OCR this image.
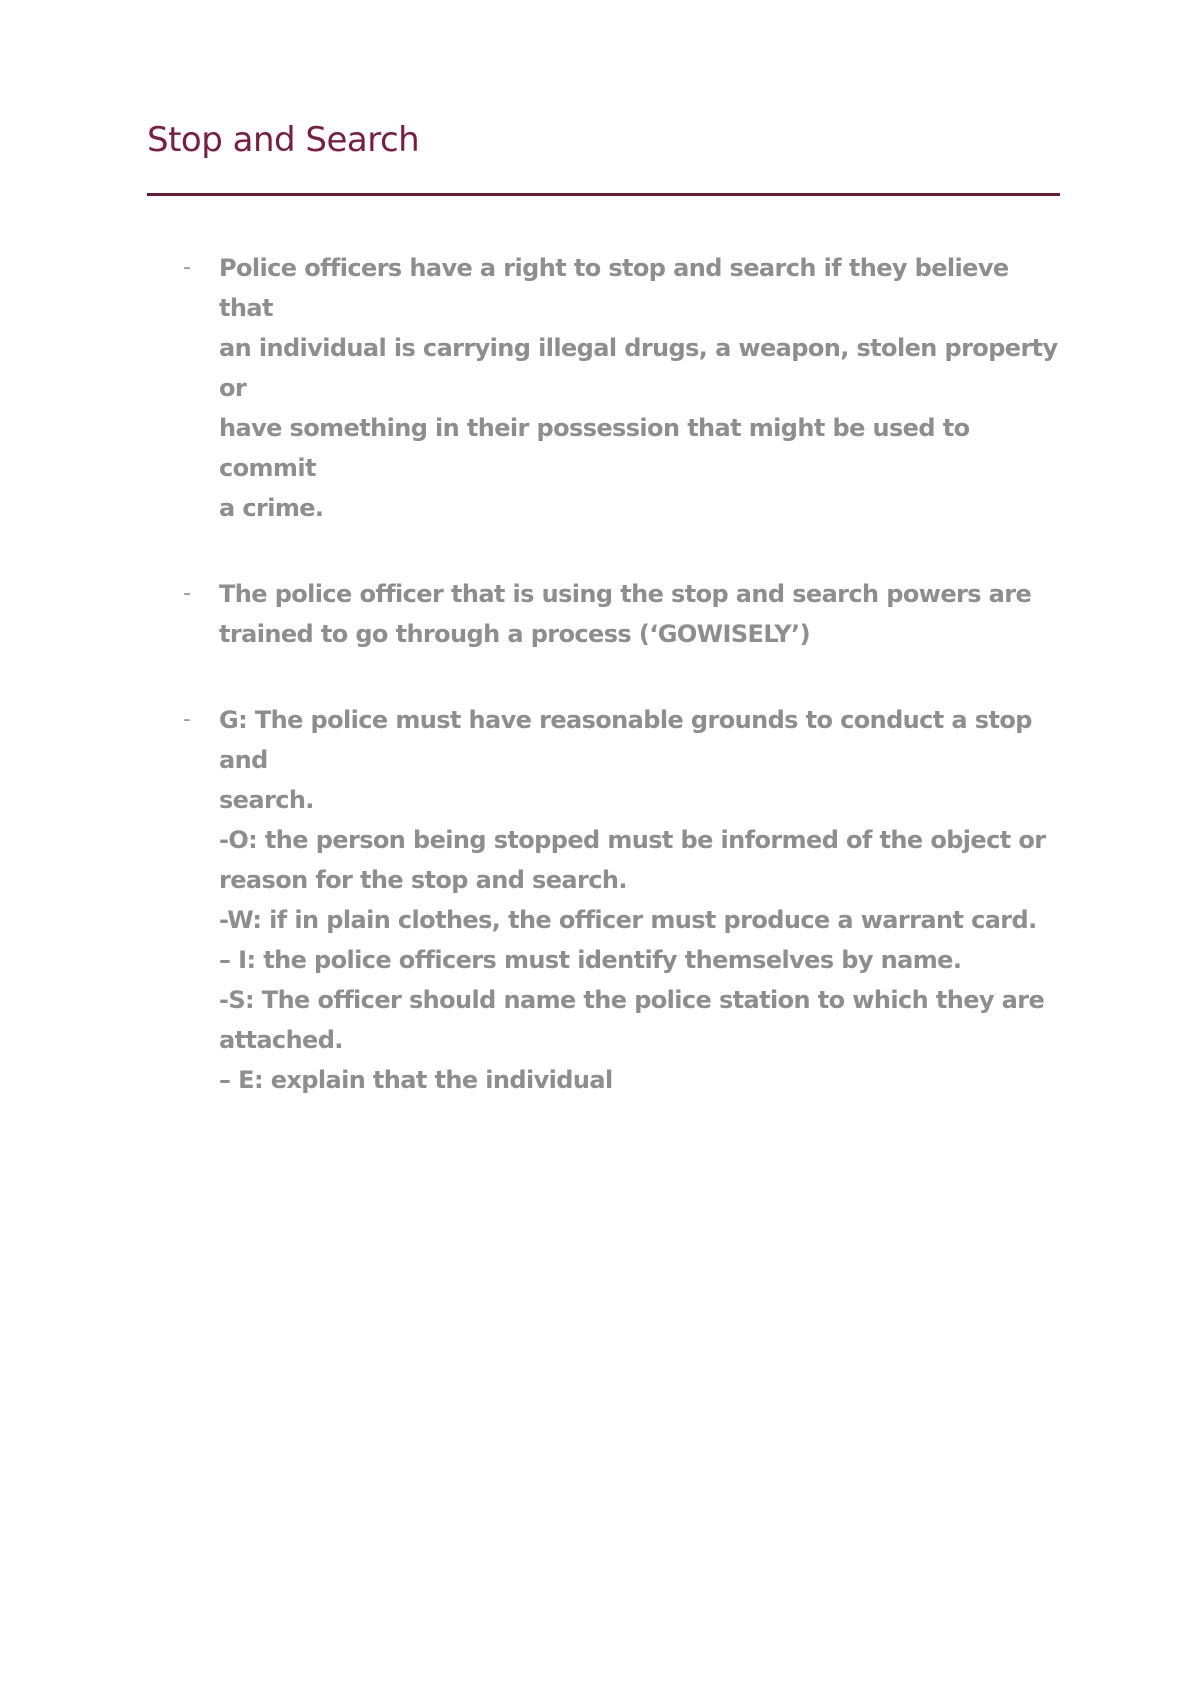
Stop and Search
- Police officers have a right to stop and search if they believe that
an individual is carrying illegal drugs, a weapon, stolen property or
have something in their possession that might be used to commit
a crime.
- The police officer that is using the stop and search powers are
trained to go through a process (‘GOWISELY’)
- G: The police must have reasonable grounds to conduct a stop and
search.
-O: the person being stopped must be informed of the object or
reason for the stop and search.
-W: if in plain clothes, the officer must produce a warrant card.
– I: the police officers must identify themselves by name.
-S: The officer should name the police station to which they are
attached.
– E: explain that the individual
